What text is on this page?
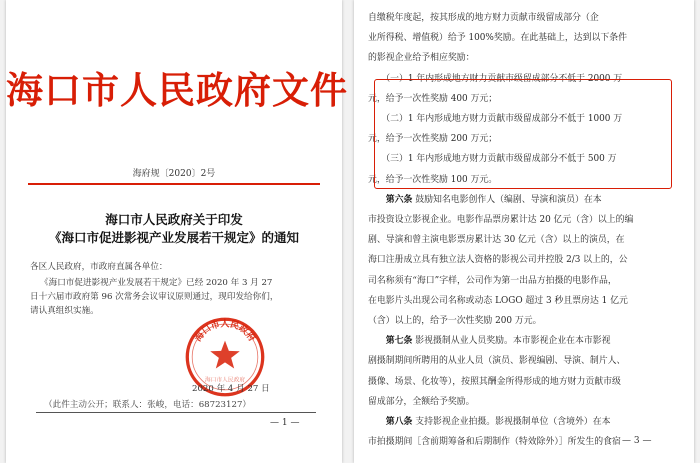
海口市人民政府文件
海府规〔2020〕2号
海口市人民政府关于印发
《海口市促进影视产业发展若干规定》的通知
各区人民政府，市政府直属各单位：
《海口市促进影视产业发展若干规定》已经 2020 年 3 月 27
日十六届市政府第 96 次常务会议审议原则通过，现印发给你们，
请认真组织实施。
海口市人民政府
海口市人民政府
2020 年 4 月 27 日
（此件主动公开；联系人：张峻，电话：68723127）
— 1 —
自缴税年度起，按其形成的地方财力贡献市级留成部分（企
业所得税、增值税）给予 100%奖励。在此基础上，达到以下条件
的影视企业给予相应奖励：
　　（一）1 年内形成地方财力贡献市级留成部分不低于 2000 万
元，给予一次性奖励 400 万元；
　　（二）1 年内形成地方财力贡献市级留成部分不低于 1000 万
元，给予一次性奖励 200 万元；
　　（三）1 年内形成地方财力贡献市级留成部分不低于 500 万
元，给予一次性奖励 100 万元。
　　第六条 鼓励知名电影创作人（编剧、导演和演员）在本
市投资设立影视企业。电影作品票房累计达 20 亿元（含）以上的编
剧、导演和曾主演电影票房累计达 30 亿元（含）以上的演员，在
海口注册成立具有独立法人资格的影视公司并控股 2/3 以上的，公
司名称须有“海口”字样，公司作为第一出品方拍摄的电影作品，
在电影片头出现公司名称或动态 LOGO 超过 3 秒且票房达 1 亿元
（含）以上的，给予一次性奖励 200 万元。
　　第七条 影视摄制从业人员奖励。本市影视企业在本市影视
剧摄制期间所聘用的从业人员（演员、影视编剧、导演、制片人、
摄像、场景、化妆等），按照其酬金所得形成的地方财力贡献市级
留成部分，全额给予奖励。
　　第八条 支持影视企业拍摄。影视摄制单位（含境外）在本
市拍摄期间［含前期筹备和后期制作（特效除外）］所发生的食宿 — 3 —
